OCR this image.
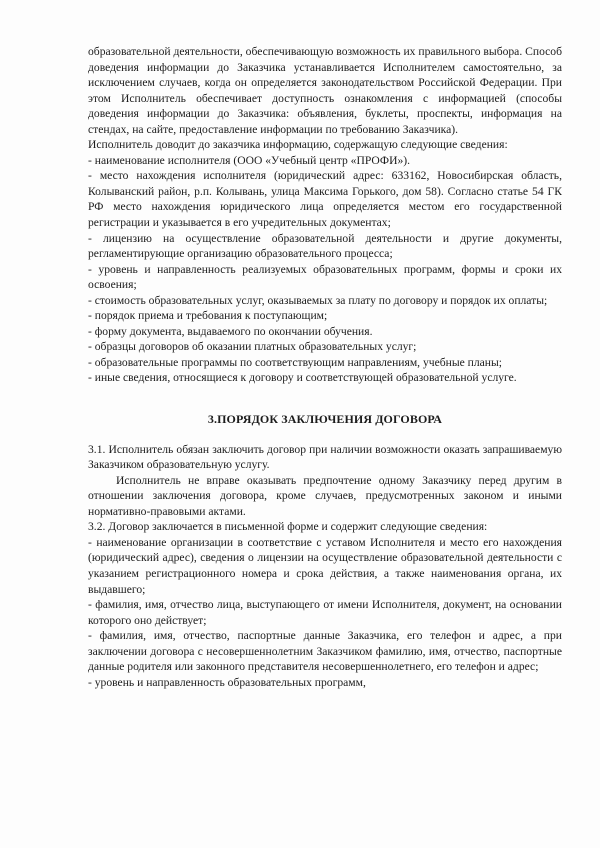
образовательной деятельности, обеспечивающую возможность их правильного выбора. Способ доведения информации до Заказчика устанавливается Исполнителем самостоятельно, за исключением случаев, когда он определяется законодательством Российской Федерации. При этом Исполнитель обеспечивает доступность ознакомления с информацией (способы доведения информации до Заказчика: объявления, буклеты, проспекты, информация на стендах, на сайте, предоставление информации по требованию Заказчика).

Исполнитель доводит до заказчика информацию, содержащую следующие сведения:

- наименование исполнителя (ООО «Учебный центр «ПРОФИ»).

- место нахождения исполнителя (юридический адрес: 633162, Новосибирская область, Колыванский район, р.п. Колывань, улица Максима Горького, дом 58). Согласно статье 54 ГК РФ место нахождения юридического лица определяется местом его государственной регистрации и указывается в его учредительных документах;

- лицензию на осуществление образовательной деятельности и другие документы, регламентирующие организацию образовательного процесса;

- уровень и направленность реализуемых образовательных программ, формы и сроки их освоения;

- стоимость образовательных услуг, оказываемых за плату по договору и порядок их оплаты;

- порядок приема и требования к поступающим;

- форму документа, выдаваемого по окончании обучения.

- образцы договоров об оказании платных образовательных услуг;

- образовательные программы по соответствующим направлениям, учебные планы;

- иные сведения, относящиеся к договору и соответствующей образовательной услуге.

3.ПОРЯДОК ЗАКЛЮЧЕНИЯ ДОГОВОРА

3.1. Исполнитель обязан заключить договор при наличии возможности оказать запрашиваемую Заказчиком образовательную услугу.

Исполнитель не вправе оказывать предпочтение одному Заказчику перед другим в отношении заключения договора, кроме случаев, предусмотренных законом и иными нормативно-правовыми актами.

3.2. Договор заключается в письменной форме и содержит следующие сведения:

- наименование организации в соответствие с уставом Исполнителя и место его нахождения (юридический адрес), сведения о лицензии на осуществление образовательной деятельности с указанием регистрационного номера и срока действия, а также наименования органа, их выдавшего;

- фамилия, имя, отчество лица, выступающего от имени Исполнителя, документ, на основании которого оно действует;

- фамилия, имя, отчество, паспортные данные Заказчика, его телефон и адрес, а при заключении договора с несовершеннолетним Заказчиком фамилию, имя, отчество, паспортные данные родителя или законного представителя несовершеннолетнего, его телефон и адрес;

- уровень и направленность образовательных программ,
